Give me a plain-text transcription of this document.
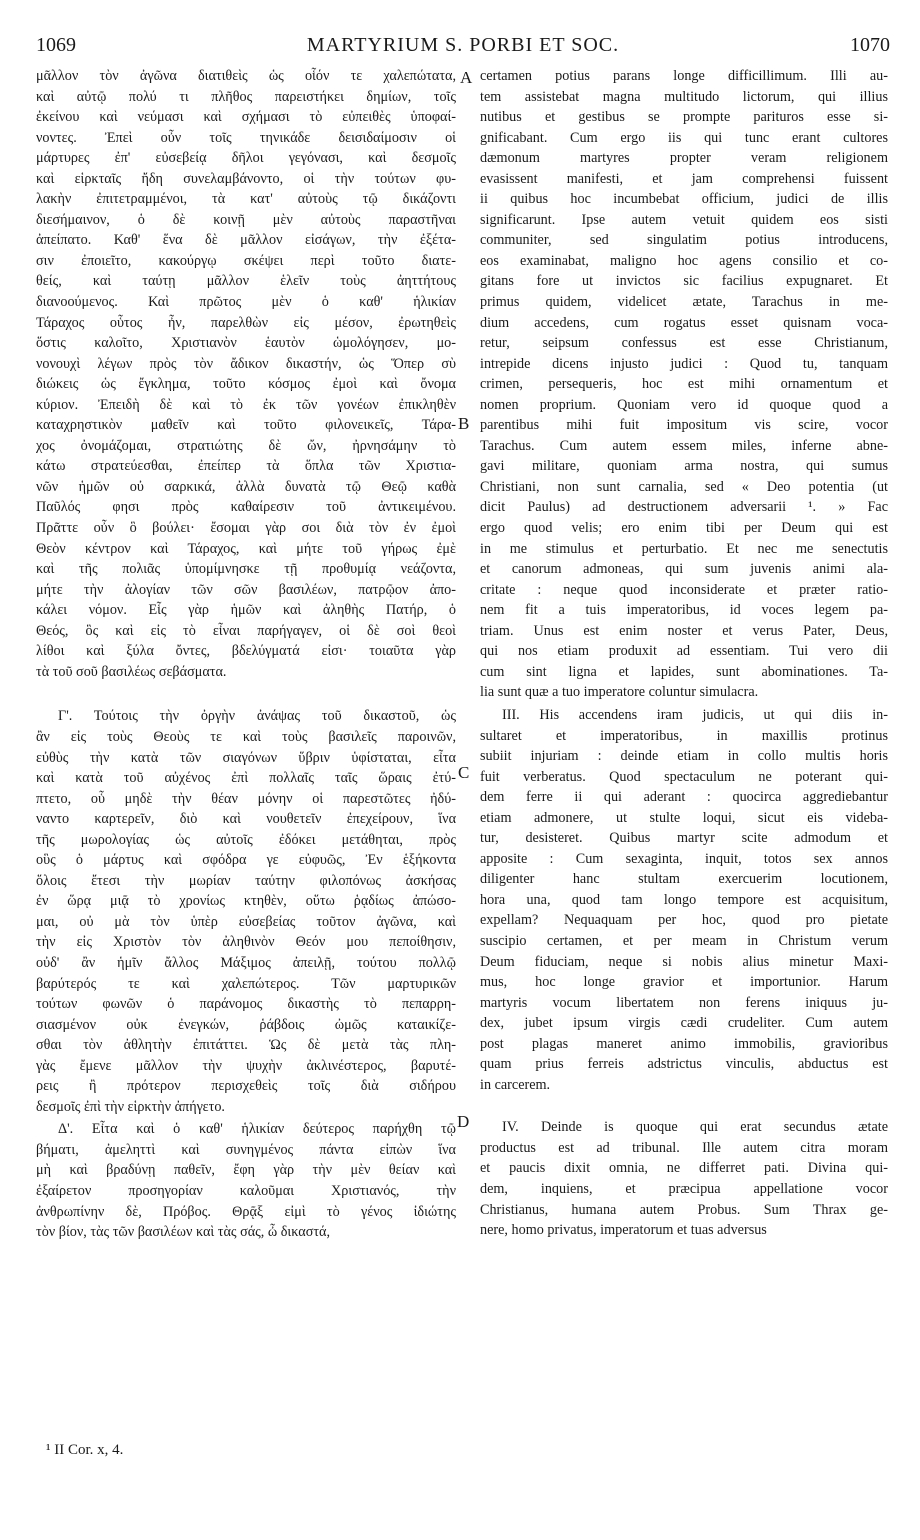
1069	MARTYRIUM S. PORBI ET SOC.	1070
μᾶλλον τὸν ἀγῶνα διατιθεὶς ὡς οἷόν τε χαλεπώτατα,
καὶ αὐτῷ πολύ τι πλῆθος παρειστήκει δημίων, τοῖς
ἐκείνου καὶ νεύμασι καὶ σχήμασι τὸ εὐπειθὲς ὑποφαί-
νοντες. Ἐπεὶ οὖν τοῖς τηνικάδε δεισιδαίμοσιν οἱ
μάρτυρες ἐπ' εὐσεβείᾳ δῆλοι γεγόνασι, καὶ δεσμοῖς
καὶ εἱρκταῖς ἤδη συνελαμβάνοντο, οἱ τὴν τούτων φυ-
λακὴν ἐπιτετραμμένοι, τὰ κατ' αὐτοὺς τῷ δικάζοντι
διεσήμαινον, ὁ δὲ κοινῇ μὲν αὐτοὺς παραστῆναι
ἀπείπατο. Καθ' ἕνα δὲ μᾶλλον εἰσάγων, τὴν ἐξέτα-
σιν ἐποιεῖτο, κακούργῳ σκέψει περὶ τοῦτο διατε-
θείς, καὶ ταύτῃ μᾶλλον ἑλεῖν τοὺς ἀηττήτους
διανοούμενος. Καὶ πρῶτος μὲν ὁ καθ' ἡλικίαν
Τάραχος οὗτος ἦν, παρελθὼν εἰς μέσον, ἐρωτηθεὶς
ὅστις καλοῖτο, Χριστιανὸν ἑαυτὸν ὡμολόγησεν, μο-
νονουχὶ λέγων πρὸς τὸν ἄδικον δικαστήν, ὡς Ὅπερ σὺ
διώκεις ὡς ἔγκλημα, τοῦτο κόσμος ἐμοὶ καὶ ὄνομα
κύριον. Ἐπειδὴ δὲ καὶ τὸ ἐκ τῶν γονέων ἐπικληθὲν
καταχρηστικὸν μαθεῖν καὶ τοῦτο φιλονεικεῖς, Τάρα-
χος ὀνομάζομαι, στρατιώτης δὲ ὤν, ἠρνησάμην τὸ
κάτω στρατεύεσθαι, ἐπείπερ τὰ ὅπλα τῶν Χριστια-
νῶν ἡμῶν οὐ σαρκικά, ἀλλὰ δυνατὰ τῷ Θεῷ καθὰ
Παῦλός φησι πρὸς καθαίρεσιν τοῦ ἀντικειμένου.
Πρᾶττε οὖν ὃ βούλει· ἔσομαι γὰρ σοι διὰ τὸν ἐν ἐμοὶ
Θεὸν κέντρον καὶ Τάραχος, καὶ μήτε τοῦ γήρως ἐμὲ
καὶ τῆς πολιᾶς ὑπομίμνησκε τῇ προθυμίᾳ νεάζοντα,
μήτε τὴν ἀλογίαν τῶν σῶν βασιλέων, πατρῷον ἀπο-
κάλει νόμον. Εἷς γὰρ ἡμῶν καὶ ἀληθὴς Πατήρ, ὁ
Θεός, ὃς καὶ εἰς τὸ εἶναι παρήγαγεν, οἱ δὲ σοὶ θεοὶ
λίθοι καὶ ξύλα ὄντες, βδελύγματά εἰσι· τοιαῦτα γὰρ
τὰ τοῦ σοῦ βασιλέως σεβάσματα.
Γ'. Τούτοις τὴν ὀργὴν ἀνάψας τοῦ δικαστοῦ, ὡς
ἂν εἰς τοὺς Θεοὺς τε καὶ τοὺς βασιλεῖς παροινῶν,
εὐθὺς τὴν κατὰ τῶν σιαγόνων ὕβριν ὑφίσταται, εἶτα
καὶ κατὰ τοῦ αὐχένος ἐπὶ πολλαῖς ταῖς ὥραις ἐτύ-
πτετο, οὗ μηδὲ τὴν θέαν μόνην οἱ παρεστῶτες ἠδύ-
ναντο καρτερεῖν, διὸ καὶ νουθετεῖν ἐπεχείρουν, ἵνα
τῆς μωρολογίας ὡς αὐτοῖς ἐδόκει μετάθηται, πρὸς
οὓς ὁ μάρτυς καὶ σφόδρα γε εὐφυῶς, Ἐν ἑξήκοντα
ὅλοις ἔτεσι τὴν μωρίαν ταύτην φιλοπόνως ἀσκήσας
ἐν ὥρᾳ μιᾷ τὸ χρονίως κτηθὲν, οὕτω ῥᾳδίως ἀπώσο-
μαι, οὐ μὰ τὸν ὑπὲρ εὐσεβείας τοῦτον ἀγῶνα, καὶ
τὴν εἰς Χριστὸν τὸν ἀληθινὸν Θεόν μου πεποίθησιν,
οὐδ' ἂν ἡμῖν ἄλλος Μάξιμος ἀπειλῇ, τούτου πολλῷ
βαρύτερός τε καὶ χαλεπώτερος. Τῶν μαρτυρικῶν
τούτων φωνῶν ὁ παράνομος δικαστὴς τὸ πεπαρρη-
σιασμένον οὐκ ἐνεγκών, ῥάβδοις ὠμῶς καταικίζε-
σθαι τὸν ἀθλητὴν ἐπιτάττει. Ὡς δὲ μετὰ τὰς πλη-
γὰς ἔμενε μᾶλλον τὴν ψυχὴν ἀκλινέστερος, βαρυτέ-
ρεις ἢ πρότερον περισχεθεὶς τοῖς διὰ σιδήρου
δεσμοῖς ἐπὶ τὴν εἱρκτὴν ἀπήγετο.
Δ'. Εἶτα καὶ ὁ καθ' ἡλικίαν δεύτερος παρήχθη τῷ
βήματι, ἀμεληττὶ καὶ συνηγμένος πάντα εἰπὼν ἵνα
μὴ καὶ βραδύνῃ παθεῖν, ἔφη γὰρ τὴν μὲν θείαν καὶ
ἐξαίρετον προσηγορίαν καλοῦμαι Χριστιανός, τὴν
ἀνθρωπίνην δὲ, Πρόβος. Θρᾷξ εἰμὶ τὸ γένος ἰδιώτης
τὸν βίον, τὰς τῶν βασιλέων καὶ τὰς σάς, ὦ δικαστά,
certamen potius parans longe difficillimum. Illi au-
tem assistebat magna multitudo lictorum, qui illius
nutibus et gestibus se prompte parituros esse si-
gnificabant. Cum ergo iis qui tunc erant cultores
dæmonum martyres propter veram religionem
evasissent manifesti, et jam comprehensi fuissent
ii quibus hoc incumbebat officium, judici de illis
significarunt. Ipse autem vetuit quidem eos sisti
communiter, sed singulatim potius introducens,
eos examinabat, maligno hoc agens consilio et co-
gitans fore ut invictos sic facilius expugnaret. Et
primus quidem, videlicet ætate, Tarachus in me-
dium accedens, cum rogatus esset quisnam voca-
retur, seipsum confessus est esse Christianum,
intrepide dicens injusto judici : Quod tu, tanquam
crimen, persequeris, hoc est mihi ornamentum et
nomen proprium. Quoniam vero id quoque quod a
parentibus mihi fuit impositum vis scire, vocor
Tarachus. Cum autem essem miles, inferne abne-
gavi militare, quoniam arma nostra, qui sumus
Christiani, non sunt carnalia, sed « Deo potentia (ut
dicit Paulus) ad destructionem adversarii ¹. » Fac
ergo quod velis; ero enim tibi per Deum qui est
in me stimulus et perturbatio. Et nec me senectutis
et canorum admoneas, qui sum juvenis animi ala-
critate : neque quod inconsiderate et præter ratio-
nem fit a tuis imperatoribus, id voces legem pa-
triam. Unus est enim noster et verus Pater, Deus,
qui nos etiam produxit ad essentiam. Tui vero dii
cum sint ligna et lapides, sunt abominationes. Ta-
lia sunt quæ a tuo imperatore coluntur simulacra.
III. His accendens iram judicis, ut qui diis in-
sultaret et imperatoribus, in maxillis protinus
subiit injuriam : deinde etiam in collo multis horis
fuit verberatus. Quod spectaculum ne poterant qui-
dem ferre ii qui aderant : quocirca aggrediebantur
etiam admonere, ut stulte loqui, sicut eis videba-
tur, desisteret. Quibus martyr scite admodum et
apposite : Cum sexaginta, inquit, totos sex annos
diligenter hanc stultam exercuerim locutionem,
hora una, quod tam longo tempore est acquisitum,
expellam? Nequaquam per hoc, quod pro pietate
suscipio certamen, et per meam in Christum verum
Deum fiduciam, neque si nobis alius minetur Maxi-
mus, hoc longe gravior et importunior. Harum
martyris vocum libertatem non ferens iniquus ju-
dex, jubet ipsum virgis cædi crudeliter. Cum autem
post plagas maneret animo immobilis, gravioribus
quam prius ferreis adstrictus vinculis, abductus est
in carcerem.
IV. Deinde is quoque qui erat secundus ætate
productus est ad tribunal. Ille autem citra moram
et paucis dixit omnia, ne differret pati. Divina qui-
dem, inquiens, et præcipua appellatione vocor
Christianus, humana autem Probus. Sum Thrax ge-
nere, homo privatus, imperatorum et tuas adversus
A
B
C
D
¹ II Cor. x, 4.
